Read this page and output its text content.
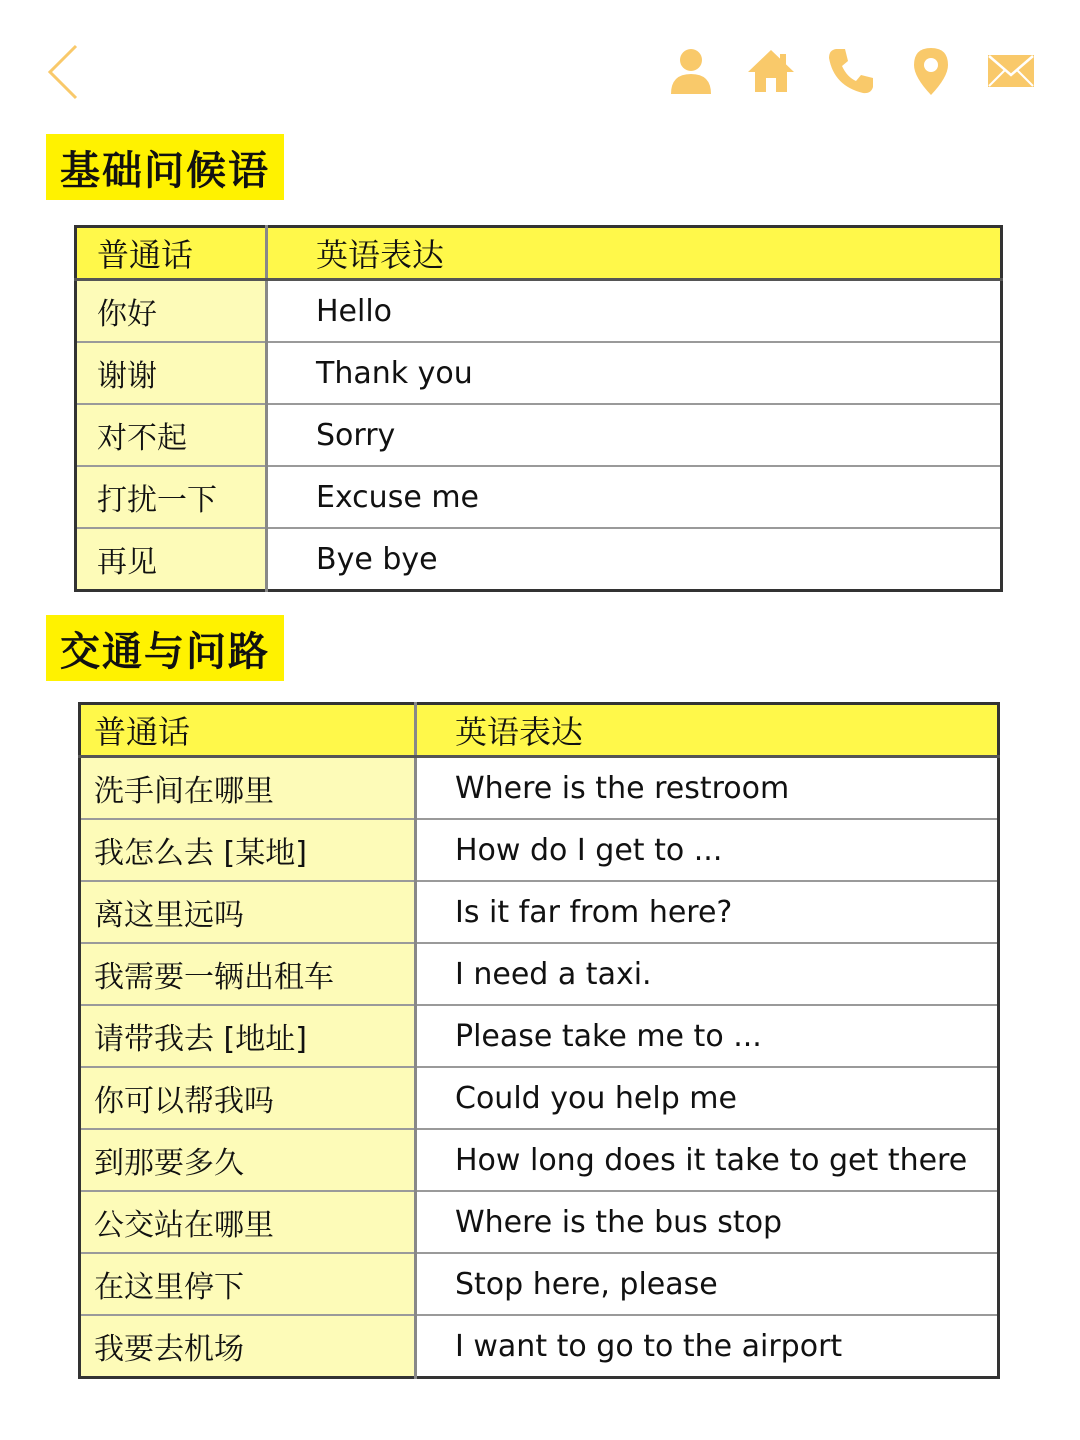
基础问候语
普通话	英语表达
你好	Hello
谢谢	Thank you
对不起	Sorry
打扰一下	Excuse me
再见	Bye bye
交通与问路
普通话	英语表达
洗手间在哪里	Where is the restroom
我怎么去 [某地]	How do I get to ...
离这里远吗	Is it far from here?
我需要一辆出租车	I need a taxi.
请带我去 [地址]	Please take me to ...
你可以帮我吗	Could you help me
到那要多久	How long does it take to get there
公交站在哪里	Where is the bus stop
在这里停下	Stop here, please
我要去机场	I want to go to the airport
